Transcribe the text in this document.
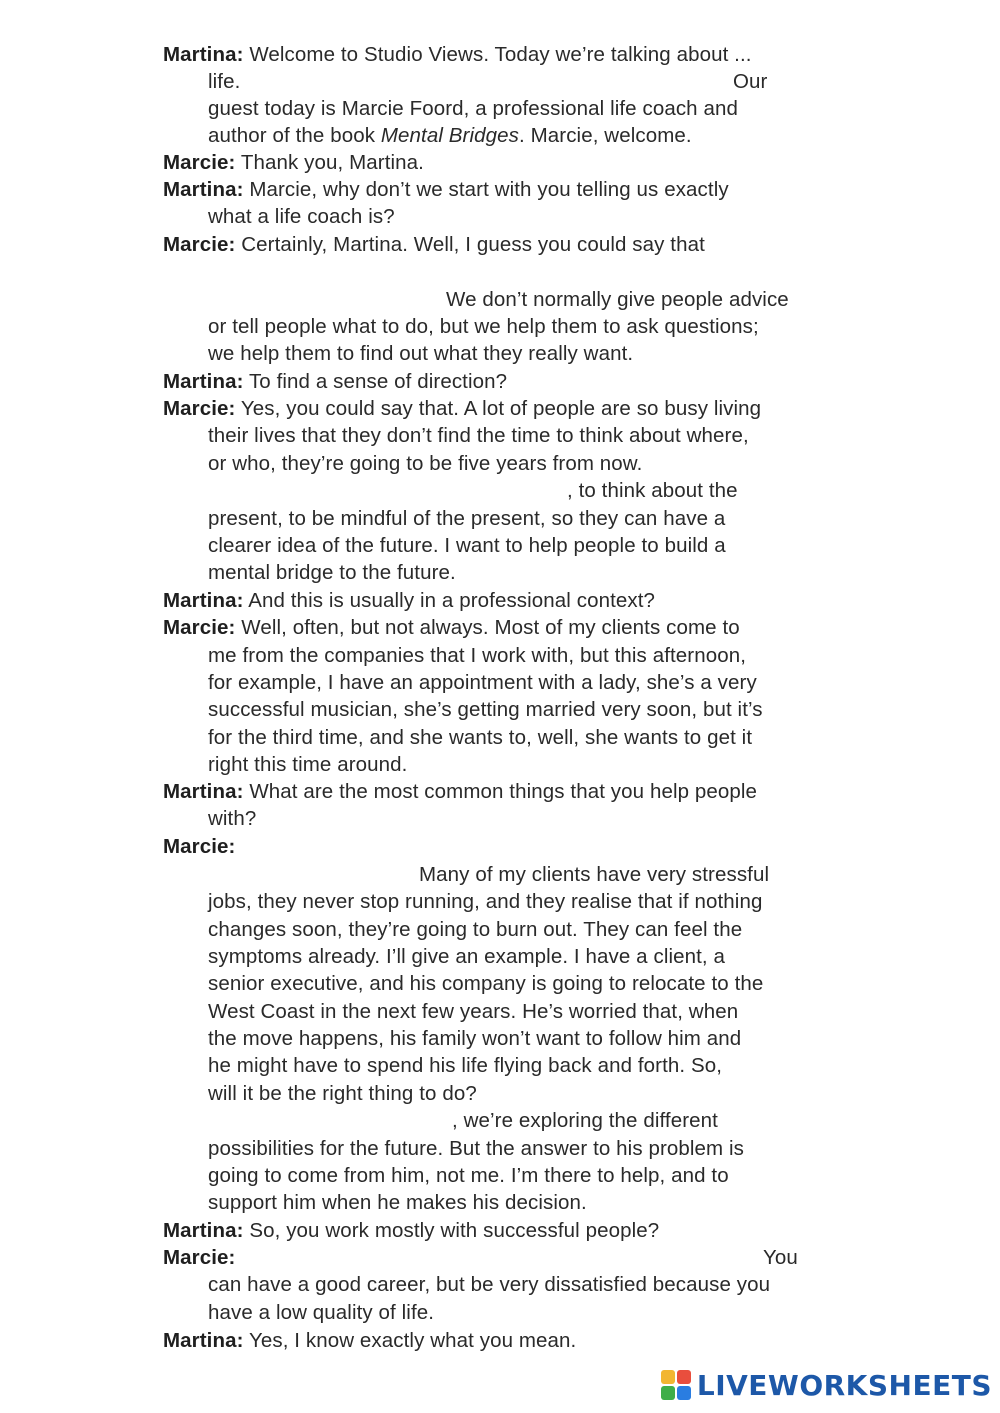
Martina: Welcome to Studio Views. Today we’re talking about ...
life.	Our
guest today is Marcie Foord, a professional life coach and
author of the book Mental Bridges. Marcie, welcome.
Marcie: Thank you, Martina.
Martina: Marcie, why don’t we start with you telling us exactly
what a life coach is?
Marcie: Certainly, Martina. Well, I guess you could say that
We don’t normally give people advice
or tell people what to do, but we help them to ask questions;
we help them to find out what they really want.
Martina: To find a sense of direction?
Marcie: Yes, you could say that. A lot of people are so busy living
their lives that they don’t find the time to think about where,
or who, they’re going to be five years from now.
, to think about the
present, to be mindful of the present, so they can have a
clearer idea of the future. I want to help people to build a
mental bridge to the future.
Martina: And this is usually in a professional context?
Marcie: Well, often, but not always. Most of my clients come to
me from the companies that I work with, but this afternoon,
for example, I have an appointment with a lady, she’s a very
successful musician, she’s getting married very soon, but it’s
for the third time, and she wants to, well, she wants to get it
right this time around.
Martina: What are the most common things that you help people
with?
Marcie:
Many of my clients have very stressful
jobs, they never stop running, and they realise that if nothing
changes soon, they’re going to burn out. They can feel the
symptoms already. I’ll give an example. I have a client, a
senior executive, and his company is going to relocate to the
West Coast in the next few years. He’s worried that, when
the move happens, his family won’t want to follow him and
he might have to spend his life flying back and forth. So,
will it be the right thing to do?
, we’re exploring the different
possibilities for the future. But the answer to his problem is
going to come from him, not me. I’m there to help, and to
support him when he makes his decision.
Martina: So, you work mostly with successful people?
Marcie:	You
can have a good career, but be very dissatisfied because you
have a low quality of life.
Martina: Yes, I know exactly what you mean.
LIVEWORKSHEETS
